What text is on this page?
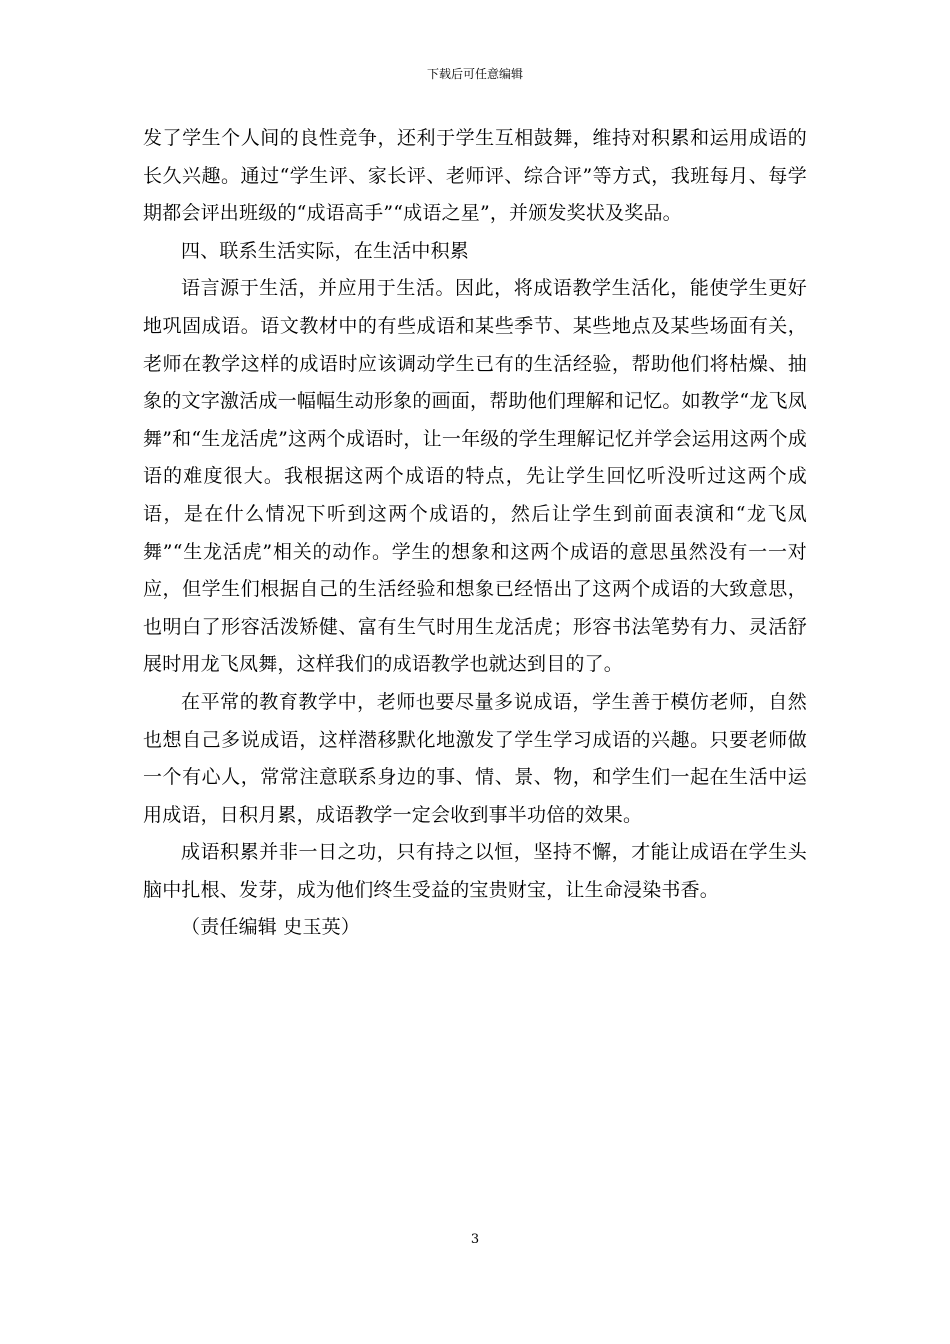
下载后可任意编辑

发了学生个人间的良性竞争，还利于学生互相鼓舞，维持对积累和运用成语的长久兴趣。通过“学生评、家长评、老师评、综合评”等方式，我班每月、每学期都会评出班级的“成语高手”“成语之星”，并颁发奖状及奖品。

四、联系生活实际，在生活中积累

语言源于生活，并应用于生活。因此，将成语教学生活化，能使学生更好地巩固成语。语文教材中的有些成语和某些季节、某些地点及某些场面有关，老师在教学这样的成语时应该调动学生已有的生活经验，帮助他们将枯燥、抽象的文字激活成一幅幅生动形象的画面，帮助他们理解和记忆。如教学“龙飞凤舞”和“生龙活虎”这两个成语时，让一年级的学生理解记忆并学会运用这两个成语的难度很大。我根据这两个成语的特点，先让学生回忆听没听过这两个成语，是在什么情况下听到这两个成语的，然后让学生到前面表演和“龙飞凤舞”“生龙活虎”相关的动作。学生的想象和这两个成语的意思虽然没有一一对应，但学生们根据自己的生活经验和想象已经悟出了这两个成语的大致意思，也明白了形容活泼矫健、富有生气时用生龙活虎；形容书法笔势有力、灵活舒展时用龙飞凤舞，这样我们的成语教学也就达到目的了。

在平常的教育教学中，老师也要尽量多说成语，学生善于模仿老师，自然也想自己多说成语，这样潜移默化地激发了学生学习成语的兴趣。只要老师做一个有心人，常常注意联系身边的事、情、景、物，和学生们一起在生活中运用成语，日积月累，成语教学一定会收到事半功倍的效果。

成语积累并非一日之功，只有持之以恒，坚持不懈，才能让成语在学生头脑中扎根、发芽，成为他们终生受益的宝贵财宝，让生命浸染书香。

（责任编辑 史玉英）

3
